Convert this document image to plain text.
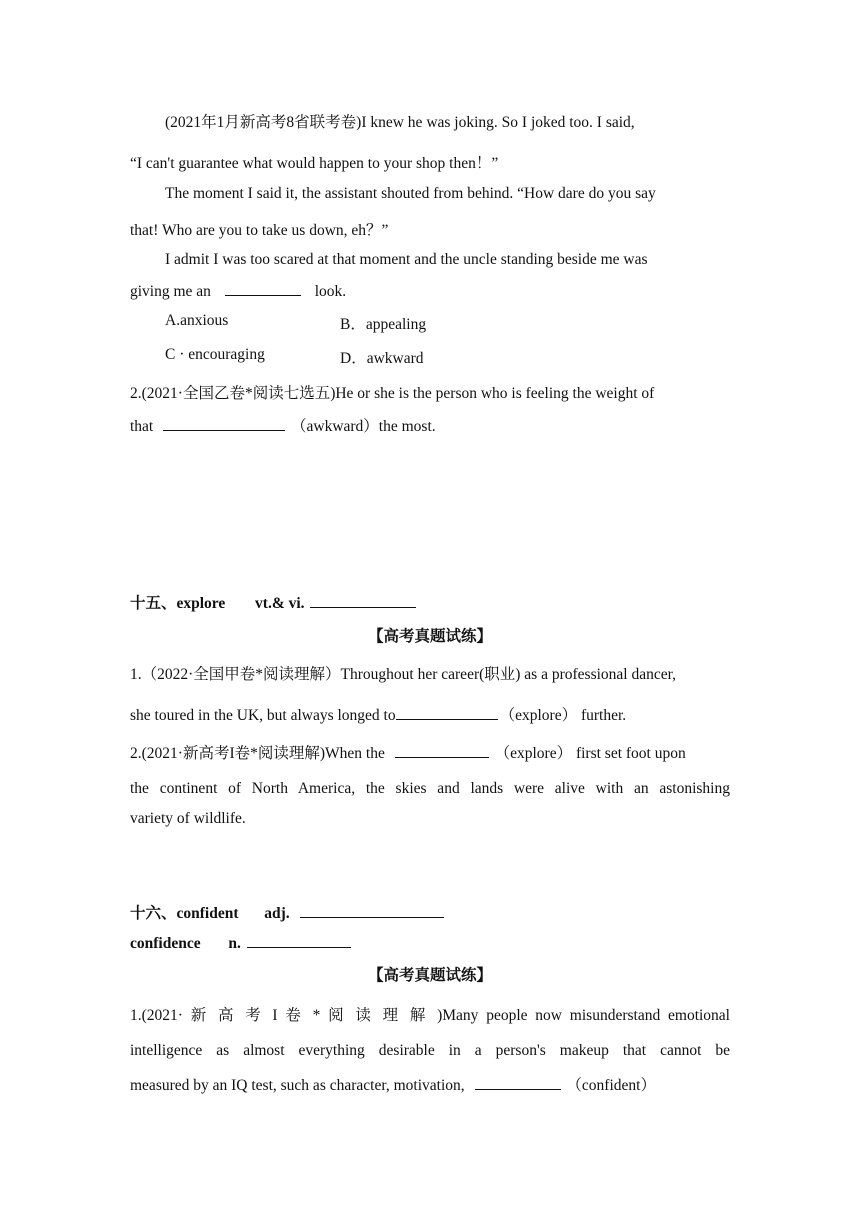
(2021年1月新高考8省联考卷)I knew he was joking. So I joked too. I said,
“I can't guarantee what would happen to your shop then！”
The moment I said it, the assistant shouted from behind. “How dare do you say
that! Who are you to take us down, eh？”
I admit I was too scared at that moment and the uncle standing beside me was
giving me an	look.
A.anxious	B．appealing
C · encouraging	D．awkward
2.(2021·全国乙卷*阅读七选五)He or she is the person who is feeling the weight of
that	（awkward）the most.
十五、explore vt.& vi.
【高考真题试练】
1.（2022·全国甲卷*阅读理解）Throughout her career(职业) as a professional dancer,
she toured in the UK, but always longed to	（explore） further.
2.(2021·新高考I卷*阅读理解)When the	（explore） first set foot upon
the continent of North America, the skies and lands were alive with an astonishing
variety of wildlife.
十六、confident adj.
confidence n.
【高考真题试练】
1.(2021· 新 高 考 I 卷 * 阅 读 理 解 )Many people now misunderstand emotional
intelligence as almost everything desirable in a person's makeup that cannot be
measured by an IQ test, such as character, motivation,	（confident）
